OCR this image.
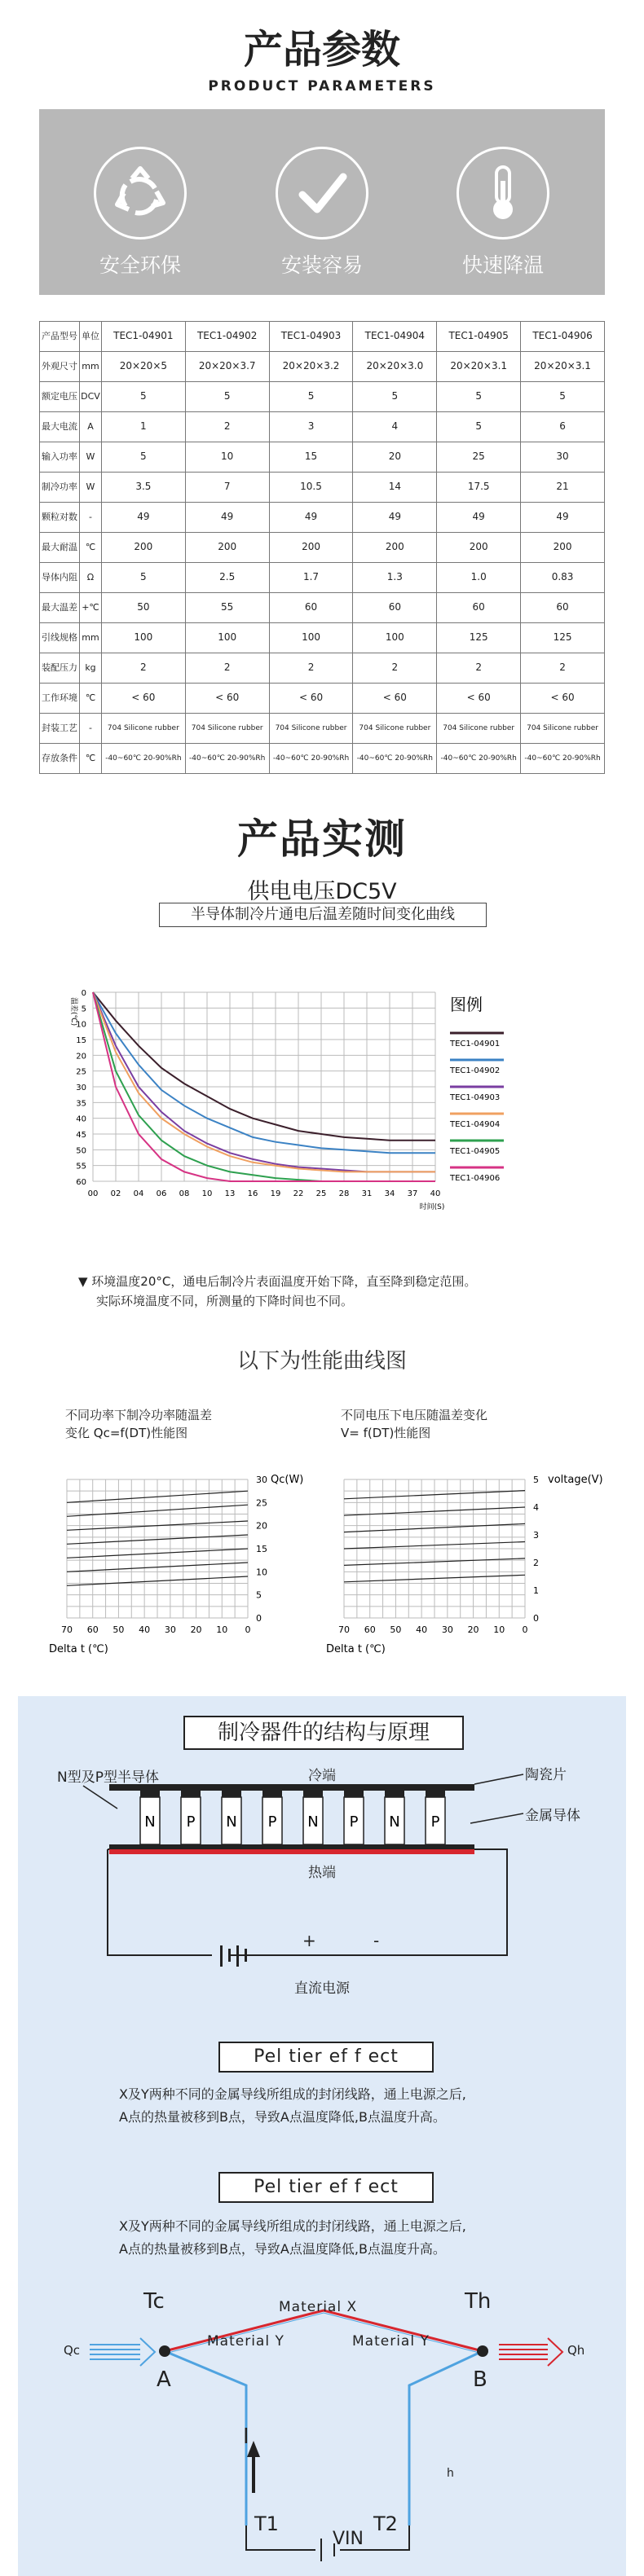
产品参数
PRODUCT PARAMETERS
安全环保	安装容易	快速降温
产品型号	单位	TEC1-04901	TEC1-04902	TEC1-04903	TEC1-04904	TEC1-04905	TEC1-04906
外观尺寸	mm	20×20×5	20×20×3.7	20×20×3.2	20×20×3.0	20×20×3.1	20×20×3.1
额定电压	DCV	5	5	5	5	5	5
最大电流	A	1	2	3	4	5	6
输入功率	W	5	10	15	20	25	30
制冷功率	W	3.5	7	10.5	14	17.5	21
颗粒对数	-	49	49	49	49	49	49
最大耐温	℃	200	200	200	200	200	200
导体内阻	Ω	5	2.5	1.7	1.3	1.0	0.83
最大温差	+℃	50	55	60	60	60	60
引线规格	mm	100	100	100	100	125	125
装配压力	kg	2	2	2	2	2	2
工作环境	℃	< 60	< 60	< 60	< 60	< 60	< 60
封装工艺	-	704 Silicone rubber	704 Silicone rubber	704 Silicone rubber	704 Silicone rubber	704 Silicone rubber	704 Silicone rubber
存放条件	℃	-40~60℃ 20-90%Rh	-40~60℃ 20-90%Rh	-40~60℃ 20-90%Rh	-40~60℃ 20-90%Rh	-40~60℃ 20-90%Rh	-40~60℃ 20-90%Rh
产品实测
供电电压DC5V
半导体制冷片通电后温差随时间变化曲线
0
5
10
15
20
25
30
35
40
45
50
55
60
00 02 04 06 08 10 13 16 19 22 25 28 31 34 37 40
温差(℃)
时间(S)
图例
TEC1-04901
TEC1-04902
TEC1-04903
TEC1-04904
TEC1-04905
TEC1-04906
▼ 环境温度20°C，通电后制冷片表面温度开始下降，直至降到稳定范围。
实际环境温度不同，所测量的下降时间也不同。
以下为性能曲线图
不同功率下制冷功率随温差
变化 Qc=f(DT)性能图
不同电压下电压随温差变化
V= f(DT)性能图
70 60 50 40 30 20 10 0
0
5
10
15
20
25
30 Qc(W)
Delta t (℃)
70 60 50 40 30 20 10 0
0
1
2
3
4
5 voltage(V)
Delta t (℃)
制冷器件的结构与原理
N P N P N P N P
N型及P型半导体	冷端
热端
陶瓷片
金属导体
+	-
直流电源
Pel tier ef f ect
X及Y两种不同的金属导线所组成的封闭线路，通上电源之后,
A点的热量被移到B点，导致A点温度降低,B点温度升高。
Pel tier ef f ect
X及Y两种不同的金属导线所组成的封闭线路，通上电源之后,
A点的热量被移到B点，导致A点温度降低,B点温度升高。
Tc	Th
Material X
Material Y	Material Y
A	B
Qc	Qh
I
T1	T2
VIN
h
